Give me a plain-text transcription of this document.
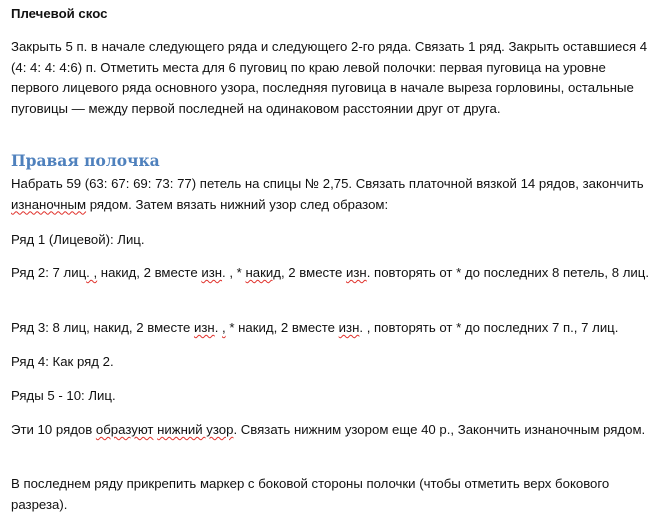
Плечевой скос

Закрыть 5 п. в начале следующего ряда и следующего 2-го ряда. Связать 1 ряд. Закрыть оставшиеся 4 (4: 4: 4: 4:6) п. Отметить места для 6 пуговиц по краю левой полочки: первая пуговица на уровне первого лицевого ряда основного узора, последняя пуговица в начале выреза горловины, остальные пуговицы — между первой последней на одинаковом расстоянии друг от друга.

Правая полочка

Набрать 59 (63: 67: 69: 73: 77) петель на спицы № 2,75. Связать платочной вязкой 14 рядов, закончить изнаночным рядом. Затем вязать нижний узор след образом:

Ряд 1 (Лицевой): Лиц.

Ряд 2: 7 лиц. , накид, 2 вместе изн. , * накид, 2 вместе изн. повторять от * до последних 8 петель, 8 лиц.

Ряд 3: 8 лиц, накид, 2 вместе изн. , * накид, 2 вместе изн. , повторять от * до последних 7 п., 7 лиц.

Ряд 4: Как ряд 2.

Ряды 5 - 10: Лиц.

Эти 10 рядов образуют нижний узор. Связать нижним узором еще 40 р., Закончить изнаночным рядом.

В последнем ряду прикрепить маркер с боковой стороны полочки (чтобы отметить верх бокового разреза).
